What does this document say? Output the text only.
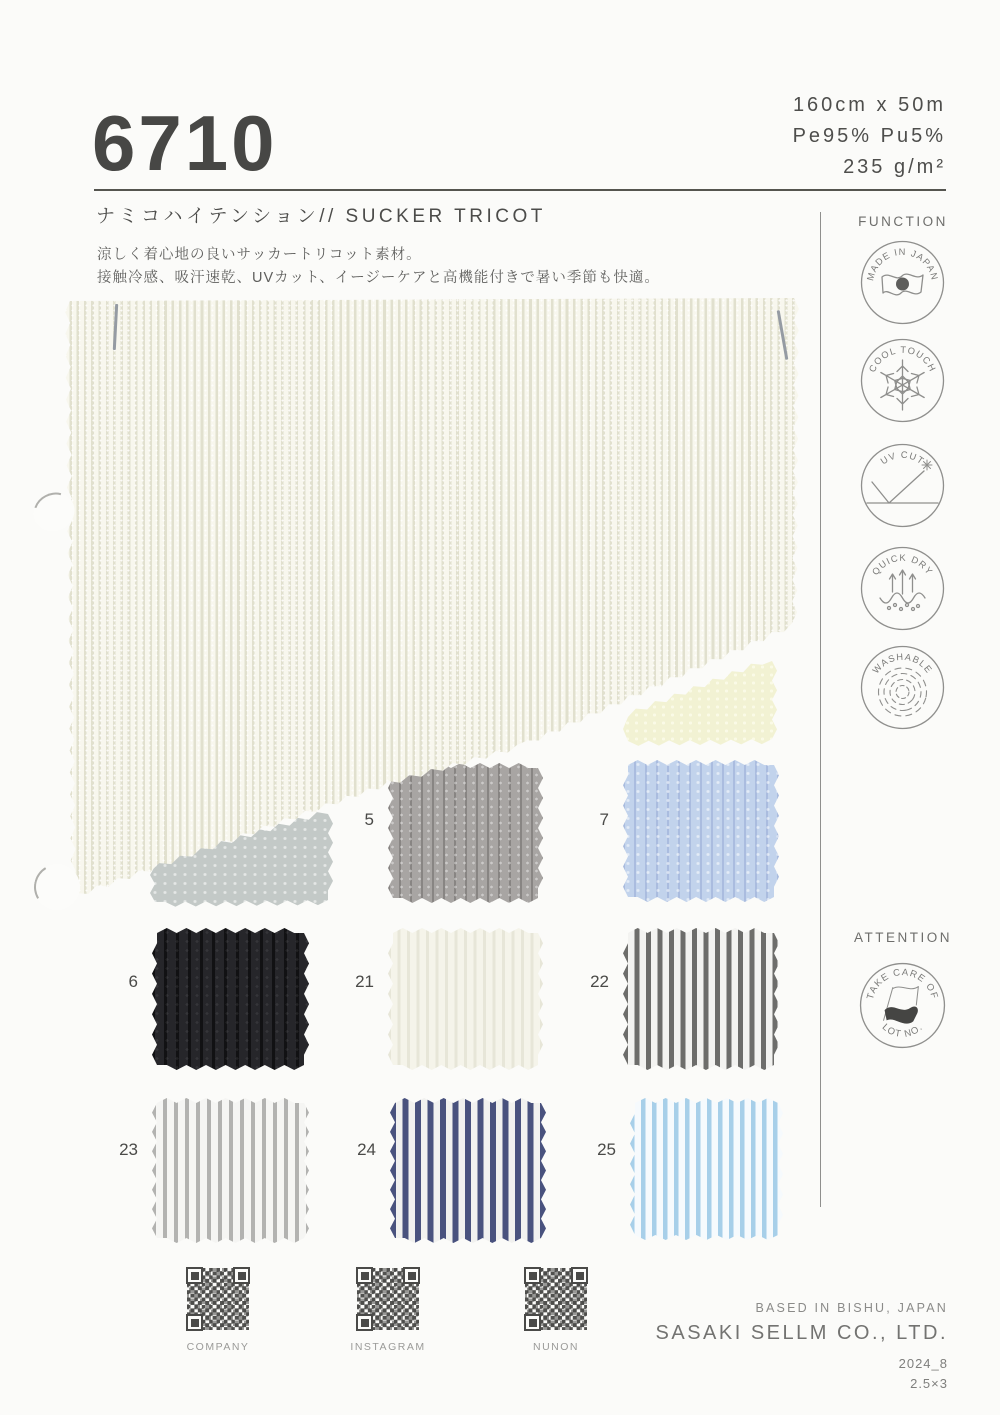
6710
ナミコハイテンション// SUCKER TRICOT
涼しく着心地の良いサッカートリコット素材。
接触冷感、吸汗速乾、UVカット、イージーケアと高機能付きで暑い季節も快適。
160cm x 50m
Pe95% Pu5%
235 g/m²
FUNCTION
MADE IN JAPAN
COOL TOUCH
UV CUT
QUICK DRY
WASHABLE
ATTENTION
TAKE CARE OF
LOT NO.
5	7
6	21	22
23	24	25
COMPANY	INSTAGRAM	NUNON
BASED IN BISHU, JAPAN
SASAKI SELLM CO., LTD.
2024_8
2.5×3
